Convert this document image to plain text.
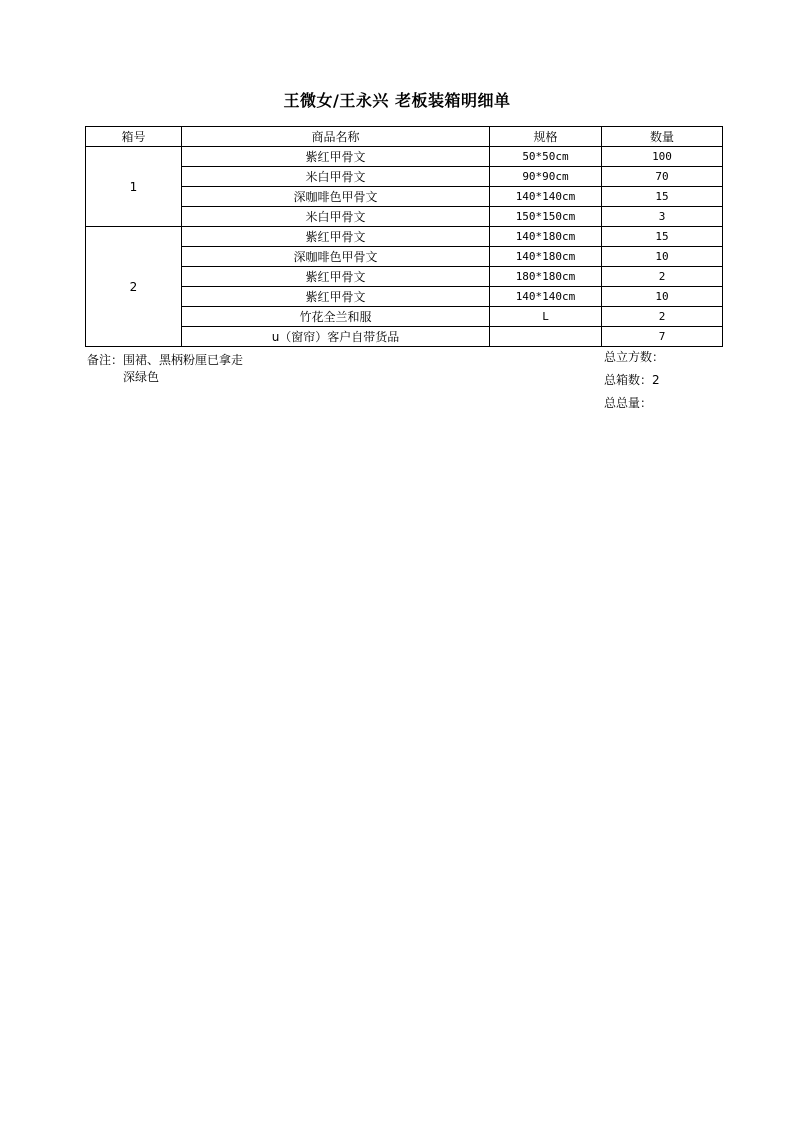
王微女/王永兴 老板装箱明细单
箱号	商品名称	规格	数量
1	紫红甲骨文	50*50cm	100
	米白甲骨文	90*90cm	70
	深咖啡色甲骨文	140*140cm	15
	米白甲骨文	150*150cm	3
2	紫红甲骨文	140*180cm	15
	深咖啡色甲骨文	140*180cm	10
	紫红甲骨文	180*180cm	2
	紫红甲骨文	140*140cm	10
	竹花全兰和服	L	2
	u（窗帘）客户自带货品		7
备注：围裙、黑柄粉厘已拿走
深绿色
总立方数：
总箱数：2
总总量：
